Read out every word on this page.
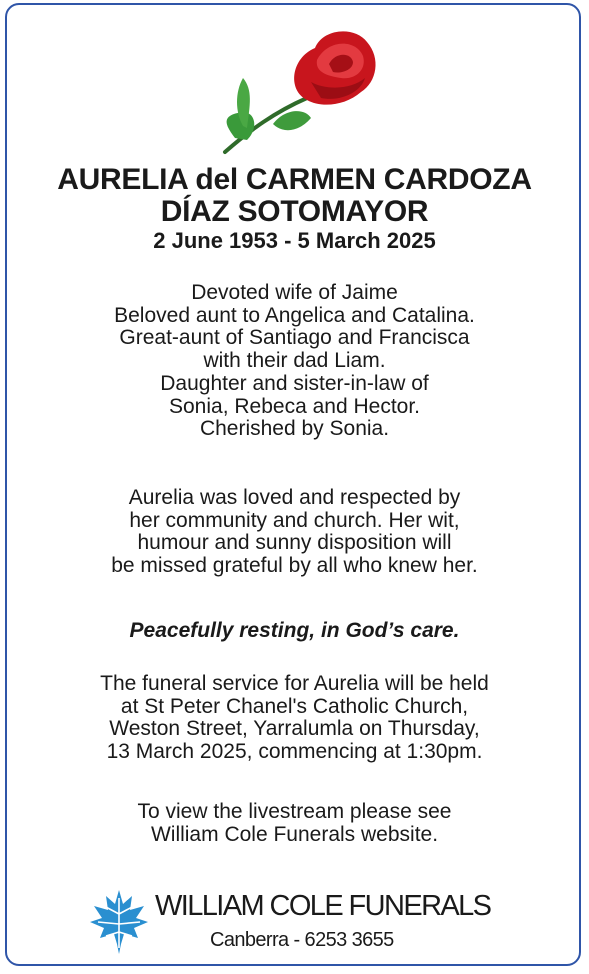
AURELIA del CARMEN CARDOZA
DÍAZ SOTOMAYOR
2 June 1953 - 5 March 2025
Devoted wife of Jaime
Beloved aunt to Angelica and Catalina.
Great-aunt of Santiago and Francisca
with their dad Liam.
Daughter and sister-in-law of
Sonia, Rebeca and Hector.
Cherished by Sonia.
Aurelia was loved and respected by
her community and church. Her wit,
humour and sunny disposition will
be missed grateful by all who knew her.
Peacefully resting, in God’s care.
The funeral service for Aurelia will be held
at St Peter Chanel's Catholic Church,
Weston Street, Yarralumla on Thursday,
13 March 2025, commencing at 1:30pm.
To view the livestream please see
William Cole Funerals website.
WILLIAM COLE FUNERALS
Canberra - 6253 3655
